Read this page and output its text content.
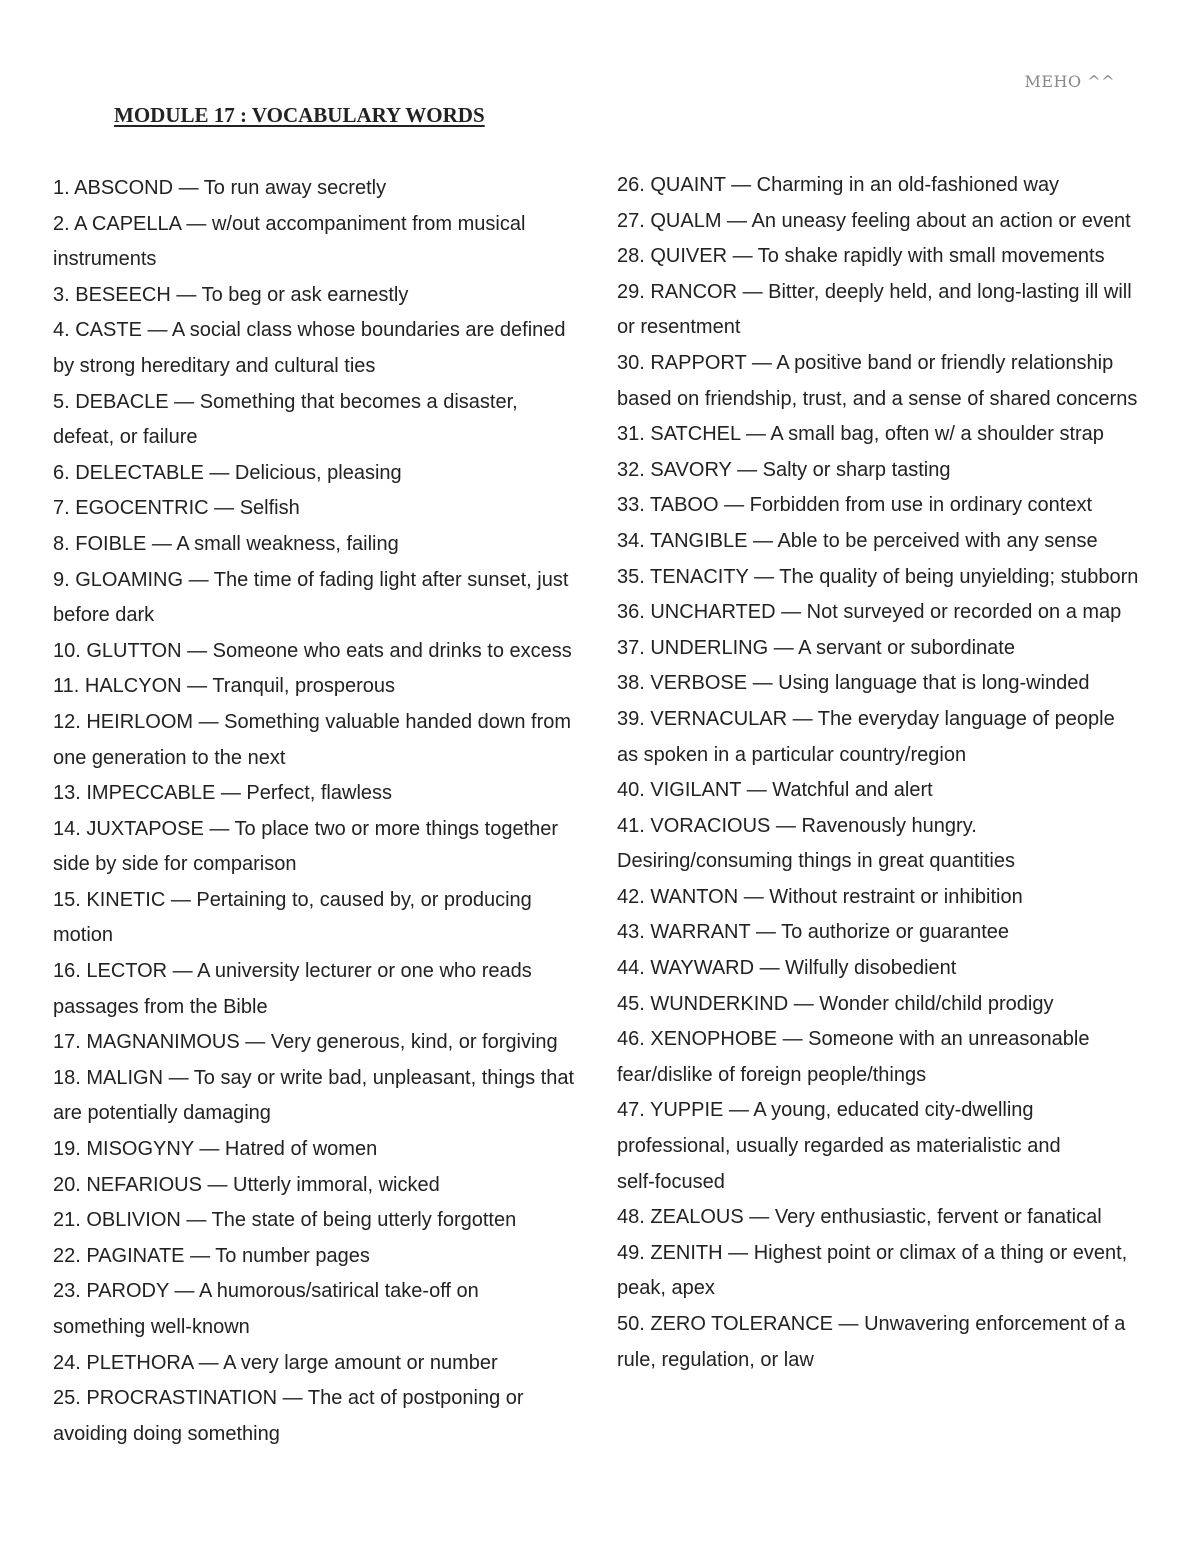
MEHO ^^
MODULE 17 : VOCABULARY WORDS
1. ABSCOND — To run away secretly
2. A CAPELLA — w/out accompaniment from musical
instruments
3. BESEECH — To beg or ask earnestly
4. CASTE — A social class whose boundaries are defined
by strong hereditary and cultural ties
5. DEBACLE — Something that becomes a disaster,
defeat, or failure
6. DELECTABLE — Delicious, pleasing
7. EGOCENTRIC — Selfish
8. FOIBLE — A small weakness, failing
9. GLOAMING — The time of fading light after sunset, just
before dark
10. GLUTTON — Someone who eats and drinks to excess
11. HALCYON — Tranquil, prosperous
12. HEIRLOOM — Something valuable handed down from
one generation to the next
13. IMPECCABLE — Perfect, flawless
14. JUXTAPOSE — To place two or more things together
side by side for comparison
15. KINETIC — Pertaining to, caused by, or producing
motion
16. LECTOR — A university lecturer or one who reads
passages from the Bible
17. MAGNANIMOUS — Very generous, kind, or forgiving
18. MALIGN — To say or write bad, unpleasant, things that
are potentially damaging
19. MISOGYNY — Hatred of women
20. NEFARIOUS — Utterly immoral, wicked
21. OBLIVION — The state of being utterly forgotten
22. PAGINATE — To number pages
23. PARODY — A humorous/satirical take-off on
something well-known
24. PLETHORA — A very large amount or number
25. PROCRASTINATION — The act of postponing or
avoiding doing something
26. QUAINT — Charming in an old-fashioned way
27. QUALM — An uneasy feeling about an action or event
28. QUIVER — To shake rapidly with small movements
29. RANCOR — Bitter, deeply held, and long-lasting ill will
or resentment
30. RAPPORT — A positive band or friendly relationship
based on friendship, trust, and a sense of shared concerns
31. SATCHEL — A small bag, often w/ a shoulder strap
32. SAVORY — Salty or sharp tasting
33. TABOO — Forbidden from use in ordinary context
34. TANGIBLE — Able to be perceived with any sense
35. TENACITY — The quality of being unyielding; stubborn
36. UNCHARTED — Not surveyed or recorded on a map
37. UNDERLING — A servant or subordinate
38. VERBOSE — Using language that is long-winded
39. VERNACULAR — The everyday language of people
as spoken in a particular country/region
40. VIGILANT — Watchful and alert
41. VORACIOUS — Ravenously hungry.
Desiring/consuming things in great quantities
42. WANTON — Without restraint or inhibition
43. WARRANT — To authorize or guarantee
44. WAYWARD — Wilfully disobedient
45. WUNDERKIND — Wonder child/child prodigy
46. XENOPHOBE — Someone with an unreasonable
fear/dislike of foreign people/things
47. YUPPIE — A young, educated city-dwelling
professional, usually regarded as materialistic and
self-focused
48. ZEALOUS — Very enthusiastic, fervent or fanatical
49. ZENITH — Highest point or climax of a thing or event,
peak, apex
50. ZERO TOLERANCE — Unwavering enforcement of a
rule, regulation, or law
